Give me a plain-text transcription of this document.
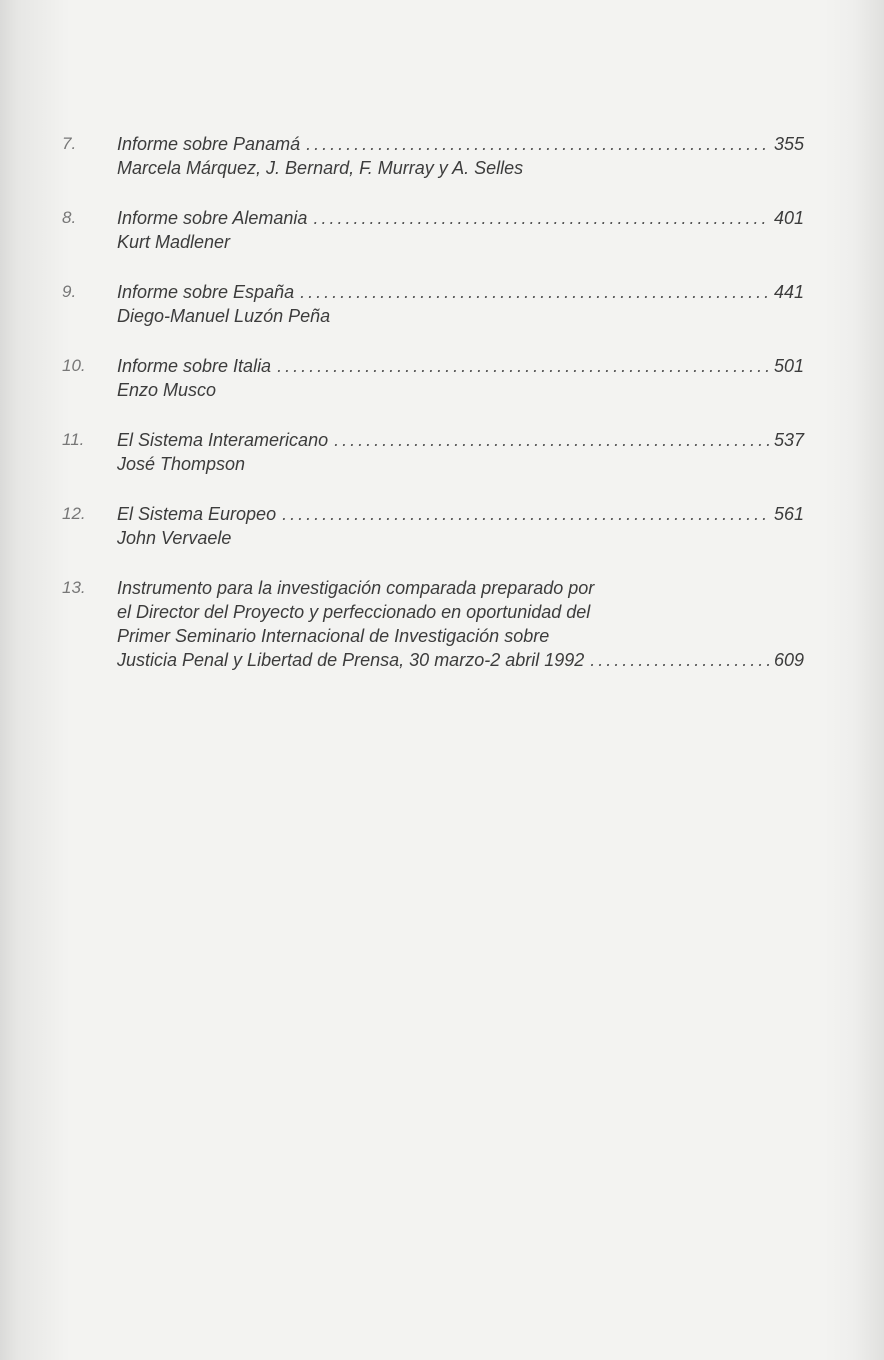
7.	Informe sobre Panamá .....	355
Marcela Márquez, J. Bernard, F. Murray y A. Selles
8.	Informe sobre Alemania .....	401
Kurt Madlener
9.	Informe sobre España .....	441
Diego-Manuel Luzón Peña
10.	Informe sobre Italia .....	501
Enzo Musco
11.	El Sistema Interamericano .....	537
José Thompson
12.	El Sistema Europeo .....	561
John Vervaele
13.	Instrumento para la investigación comparada preparado por
el Director del Proyecto y perfeccionado en oportunidad del
Primer Seminario Internacional de Investigación sobre
Justicia Penal y Libertad de Prensa, 30 marzo-2 abril 1992 .....	609
